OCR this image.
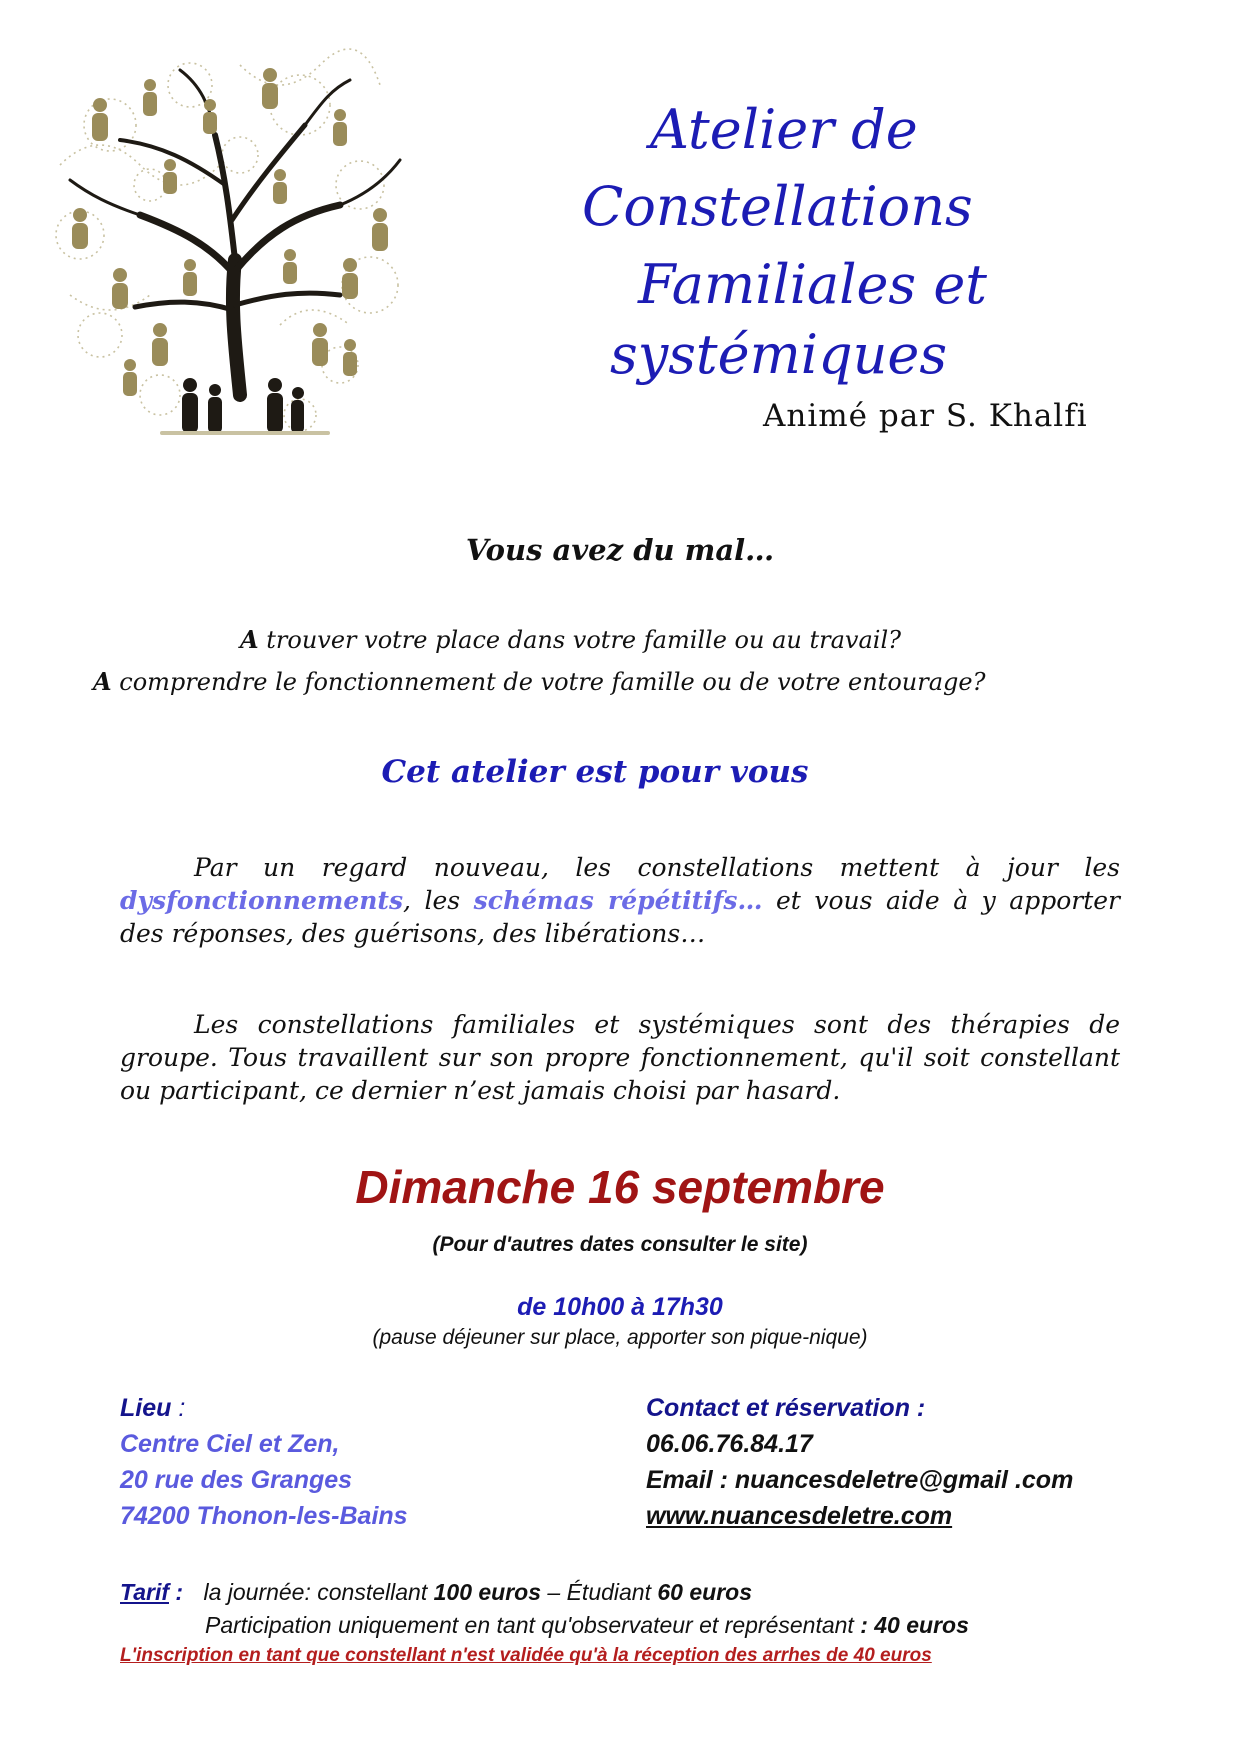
Atelier de
Constellations
Familiales et
systémiques
Animé par S. Khalfi
Vous avez du mal…
A trouver votre place dans votre famille ou au travail?
A comprendre le fonctionnement de votre famille ou de votre entourage?
Cet atelier est pour vous
Par un regard nouveau, les constellations mettent à jour les dysfonctionnements, les schémas répétitifs… et vous aide à y apporter des réponses, des guérisons, des libérations…
Les constellations familiales et systémiques sont des thérapies de groupe. Tous travaillent sur son propre fonctionnement, qu'il soit constellant ou participant, ce dernier n’est jamais choisi par hasard.
Dimanche 16 septembre
(Pour d'autres dates consulter le site)
de 10h00 à 17h30
(pause déjeuner sur place, apporter son pique-nique)
Lieu :
Centre Ciel et Zen,
20 rue des Granges
74200 Thonon-les-Bains
Contact et réservation :
06.06.76.84.17
Email : nuancesdeletre@gmail .com
www.nuancesdeletre.com
Tarif : la journée: constellant 100 euros – Étudiant 60 euros
Participation uniquement en tant qu'observateur et représentant : 40 euros
L'inscription en tant que constellant n'est validée qu'à la réception des arrhes de 40 euros
